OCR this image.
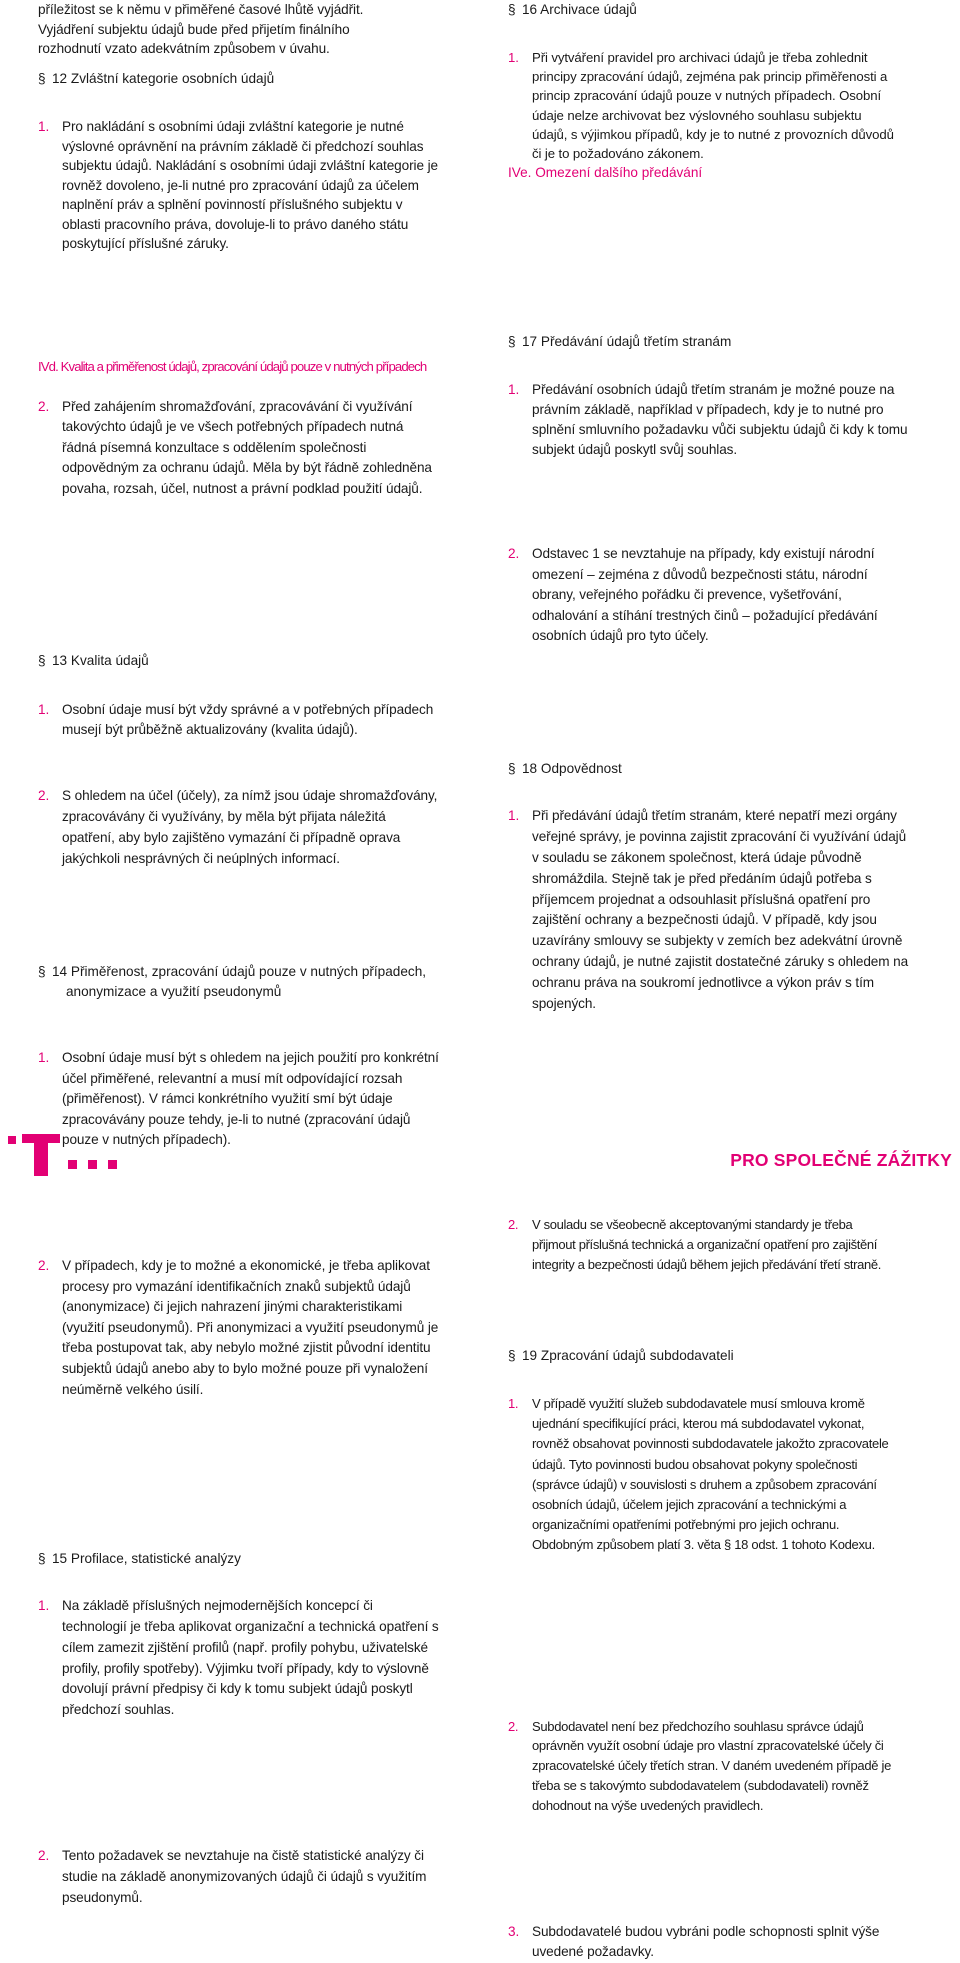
příležitost se k němu v přiměřené časové lhůtě vyjádřit.
Vyjádření subjektu údajů bude před přijetím finálního
rozhodnutí vzato adekvátním způsobem v úvahu.
§ 12 Zvláštní kategorie osobních údajů
1. Pro nakládání s osobními údaji zvláštní kategorie je nutné
výslovné oprávnění na právním základě či předchozí souhlas
subjektu údajů. Nakládání s osobními údaji zvláštní kategorie je
rovněž dovoleno, je-li nutné pro zpracování údajů za účelem
naplnění práv a splnění povinností příslušného subjektu v
oblasti pracovního práva, dovoluje-li to právo daného státu
poskytující příslušné záruky.
2. Před zahájením shromažďování, zpracovávání či využívání
takovýchto údajů je ve všech potřebných případech nutná
řádná písemná konzultace s oddělením společnosti
odpovědným za ochranu údajů. Měla by být řádně zohledněna
povaha, rozsah, účel, nutnost a právní podklad použití údajů.
IVd. Kvalita a přiměřenost údajů, zpracování údajů pouze v nutných případech
§ 13 Kvalita údajů
1. Osobní údaje musí být vždy správné a v potřebných případech
musejí být průběžně aktualizovány (kvalita údajů).
2. S ohledem na účel (účely), za nímž jsou údaje shromažďovány,
zpracovávány či využívány, by měla být přijata náležitá
opatření, aby bylo zajištěno vymazání či případně oprava
jakýchkoli nesprávných či neúplných informací.
§ 14 Přiměřenost, zpracování údajů pouze v nutných případech,
anonymizace a využití pseudonymů
1. Osobní údaje musí být s ohledem na jejich použití pro konkrétní
účel přiměřené, relevantní a musí mít odpovídající rozsah
(přiměřenost). V rámci konkrétního využití smí být údaje
zpracovávány pouze tehdy, je-li to nutné (zpracování údajů
pouze v nutných případech).
2. V případech, kdy je to možné a ekonomické, je třeba aplikovat
procesy pro vymazání identifikačních znaků subjektů údajů
(anonymizace) či jejich nahrazení jinými charakteristikami
(využití pseudonymů). Při anonymizaci a využití pseudonymů je
třeba postupovat tak, aby nebylo možné zjistit původní identitu
subjektů údajů anebo aby to bylo možné pouze při vynaložení
neúměrně velkého úsilí.
§ 15 Profilace, statistické analýzy
1. Na základě příslušných nejmodernějších koncepcí či
technologií je třeba aplikovat organizační a technická opatření s
cílem zamezit zjištění profilů (např. profily pohybu, uživatelské
profily, profily spotřeby). Výjimku tvoří případy, kdy to výslovně
dovolují právní předpisy či kdy k tomu subjekt údajů poskytl
předchozí souhlas.
2. Tento požadavek se nevztahuje na čistě statistické analýzy či
studie na základě anonymizovaných údajů či údajů s využitím
pseudonymů.
§ 16 Archivace údajů
1. Při vytváření pravidel pro archivaci údajů je třeba zohlednit
principy zpracování údajů, zejména pak princip přiměřenosti a
princip zpracování údajů pouze v nutných případech. Osobní
údaje nelze archivovat bez výslovného souhlasu subjektu
údajů, s výjimkou případů, kdy je to nutné z provozních důvodů
či je to požadováno zákonem.
IVe. Omezení dalšího předávání
§ 17 Předávání údajů třetím stranám
1. Předávání osobních údajů třetím stranám je možné pouze na
právním základě, například v případech, kdy je to nutné pro
splnění smluvního požadavku vůči subjektu údajů či kdy k tomu
subjekt údajů poskytl svůj souhlas.
2. Odstavec 1 se nevztahuje na případy, kdy existují národní
omezení – zejména z důvodů bezpečnosti státu, národní
obrany, veřejného pořádku či prevence, vyšetřování,
odhalování a stíhání trestných činů – požadující předávání
osobních údajů pro tyto účely.
§ 18 Odpovědnost
1. Při předávání údajů třetím stranám, které nepatří mezi orgány
veřejné správy, je povinna zajistit zpracování či využívání údajů
v souladu se zákonem společnost, která údaje původně
shromáždila. Stejně tak je před předáním údajů potřeba s
příjemcem projednat a odsouhlasit příslušná opatření pro
zajištění ochrany a bezpečnosti údajů. V případě, kdy jsou
uzavírány smlouvy se subjekty v zemích bez adekvátní úrovně
ochrany údajů, je nutné zajistit dostatečné záruky s ohledem na
ochranu práva na soukromí jednotlivce a výkon práv s tím
spojených.
2. V souladu se všeobecně akceptovanými standardy je třeba
přijmout příslušná technická a organizační opatření pro zajištění
integrity a bezpečnosti údajů během jejich předávání třetí straně.
§ 19 Zpracování údajů subdodavateli
1. V případě využití služeb subdodavatele musí smlouva kromě
ujednání specifikující práci, kterou má subdodavatel vykonat,
rovněž obsahovat povinnosti subdodavatele jakožto zpracovatele
údajů. Tyto povinnosti budou obsahovat pokyny společnosti
(správce údajů) v souvislosti s druhem a způsobem zpracování
osobních údajů, účelem jejich zpracování a technickými a
organizačními opatřeními potřebnými pro jejich ochranu.
Obdobným způsobem platí 3. věta § 18 odst. 1 tohoto Kodexu.
2. Subdodavatel není bez předchozího souhlasu správce údajů
oprávněn využít osobní údaje pro vlastní zpracovatelské účely či
zpracovatelské účely třetích stran. V daném uvedeném případě je
třeba se s takovýmto subdodavatelem (subdodavateli) rovněž
dohodnout na výše uvedených pravidlech.
3. Subdodavatelé budou vybráni podle schopnosti splnit výše
uvedené požadavky.
PRO SPOLEČNÉ ZÁŽITKY
